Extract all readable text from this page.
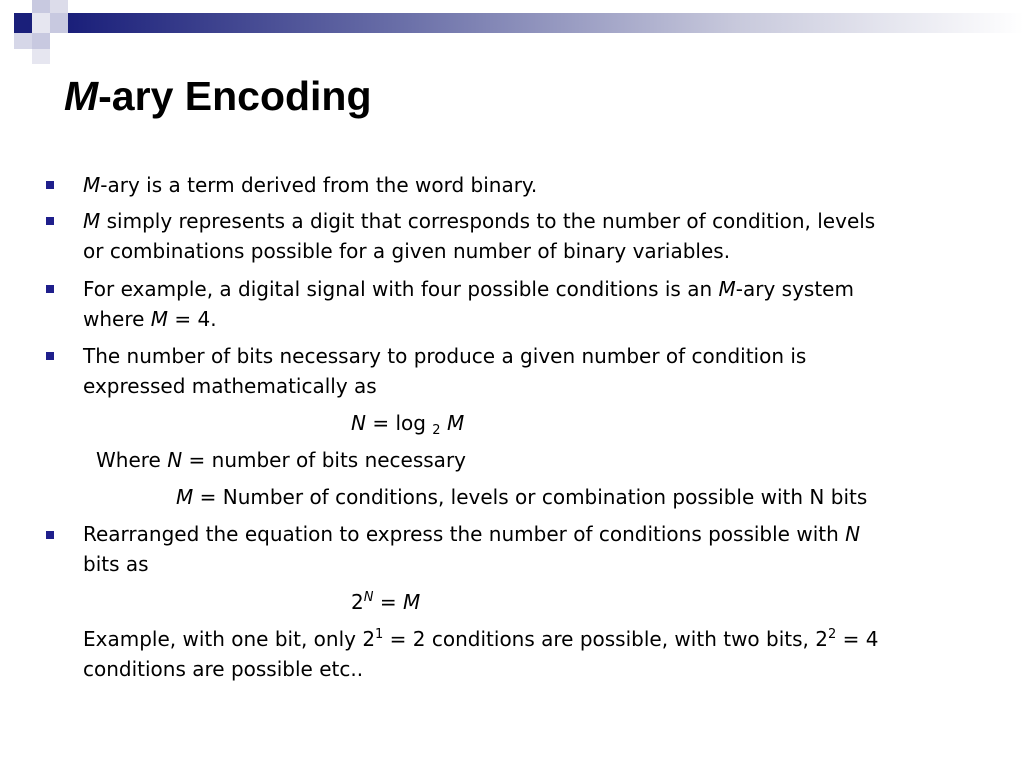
M-ary Encoding
M-ary is a term derived from the word binary.
M simply represents a digit that corresponds to the number of condition, levels
or combinations possible for a given number of binary variables.
For example, a digital signal with four possible conditions is an M-ary system
where M = 4.
The number of bits necessary to produce a given number of condition is
expressed mathematically as
N = log $_2$ M
Where N = number of bits necessary
M = Number of conditions, levels or combination possible with N bits
Rearranged the equation to express the number of conditions possible with N
bits as
$2^N = M$
Example, with one bit, only $2^1 = 2$ conditions are possible, with two bits, $2^2 = 4$
conditions are possible etc..
